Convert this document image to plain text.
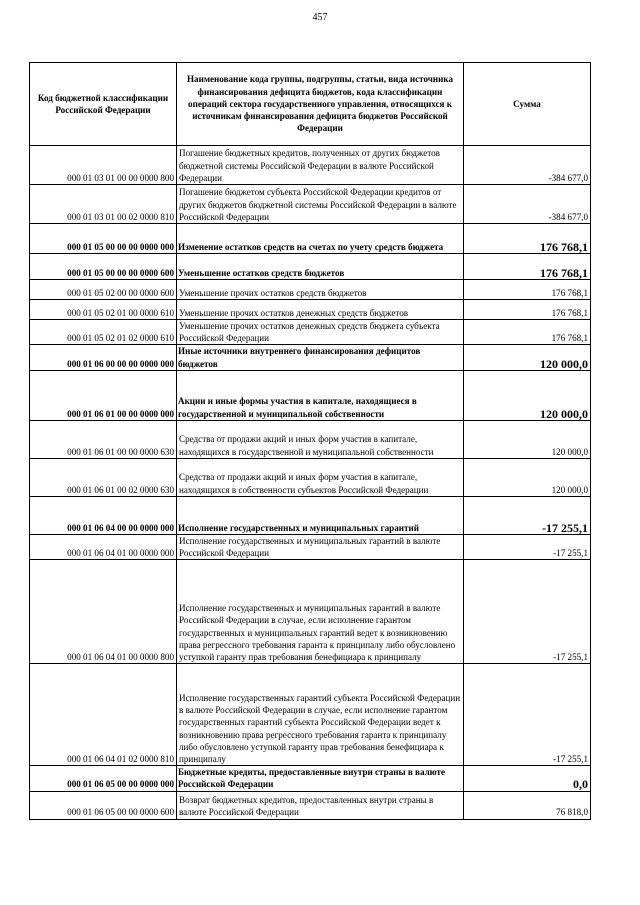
457
Код бюджетной классификации Российской Федерации	Наименование кода группы, подгруппы, статьи, вида источника финансирования дефицита бюджетов, кода классификации операций сектора государственного управления, относящихся к источникам финансирования дефицита бюджетов Российской Федерации	Сумма
000 01 03 01 00 00 0000 800	Погашение бюджетных кредитов, полученных от других бюджетов бюджетной системы Российской Федерации в валюте Российской Федерации	-384 677,0
000 01 03 01 00 02 0000 810	Погашение бюджетом субъекта Российской Федерации кредитов от других бюджетов бюджетной системы Российской Федерации в валюте Российской Федерации	-384 677,0
000 01 05 00 00 00 0000 000	Изменение остатков средств на счетах по учету средств бюджета	176 768,1
000 01 05 00 00 00 0000 600	Уменьшение остатков средств бюджетов	176 768,1
000 01 05 02 00 00 0000 600	Уменьшение прочих остатков средств бюджетов	176 768,1
000 01 05 02 01 00 0000 610	Уменьшение прочих остатков денежных средств бюджетов	176 768,1
000 01 05 02 01 02 0000 610	Уменьшение прочих остатков денежных средств бюджета субъекта Российской Федерации	176 768,1
000 01 06 00 00 00 0000 000	Иные источники внутреннего финансирования дефицитов бюджетов	120 000,0
000 01 06 01 00 00 0000 000	Акции и иные формы участия в капитале, находящиеся в государственной и муниципальной собственности	120 000,0
000 01 06 01 00 00 0000 630	Средства от продажи акций и иных форм участия в капитале, находящихся в государственной и муниципальной собственности	120 000,0
000 01 06 01 00 02 0000 630	Средства от продажи акций и иных форм участия в капитале, находящихся в собственности субъектов Российской Федерации	120 000,0
000 01 06 04 00 00 0000 000	Исполнение государственных и муниципальных гарантий	-17 255,1
000 01 06 04 01 00 0000 000	Исполнение государственных и муниципальных гарантий в валюте Российской Федерации	-17 255,1
000 01 06 04 01 00 0000 800	Исполнение государственных и муниципальных гарантий в валюте Российской Федерации в случае, если исполнение гарантом государственных и муниципальных гарантий ведет к возникновению права регрессного требования гаранта к принципалу либо обусловлено уступкой гаранту прав требования бенефициара к принципалу	-17 255,1
000 01 06 04 01 02 0000 810	Исполнение государственных гарантий субъекта Российской Федерации в валюте Российской Федерации в случае, если исполнение гарантом государственных гарантий субъекта Российской Федерации ведет к возникновению права регрессного требования гаранта к принципалу либо обусловлено уступкой гаранту прав требования бенефициара к принципалу	-17 255,1
000 01 06 05 00 00 0000 000	Бюджетные кредиты, предоставленные внутри страны в валюте Российской Федерации	0,0
000 01 06 05 00 00 0000 600	Возврат бюджетных кредитов, предоставленных внутри страны в валюте Российской Федерации	76 818,0
